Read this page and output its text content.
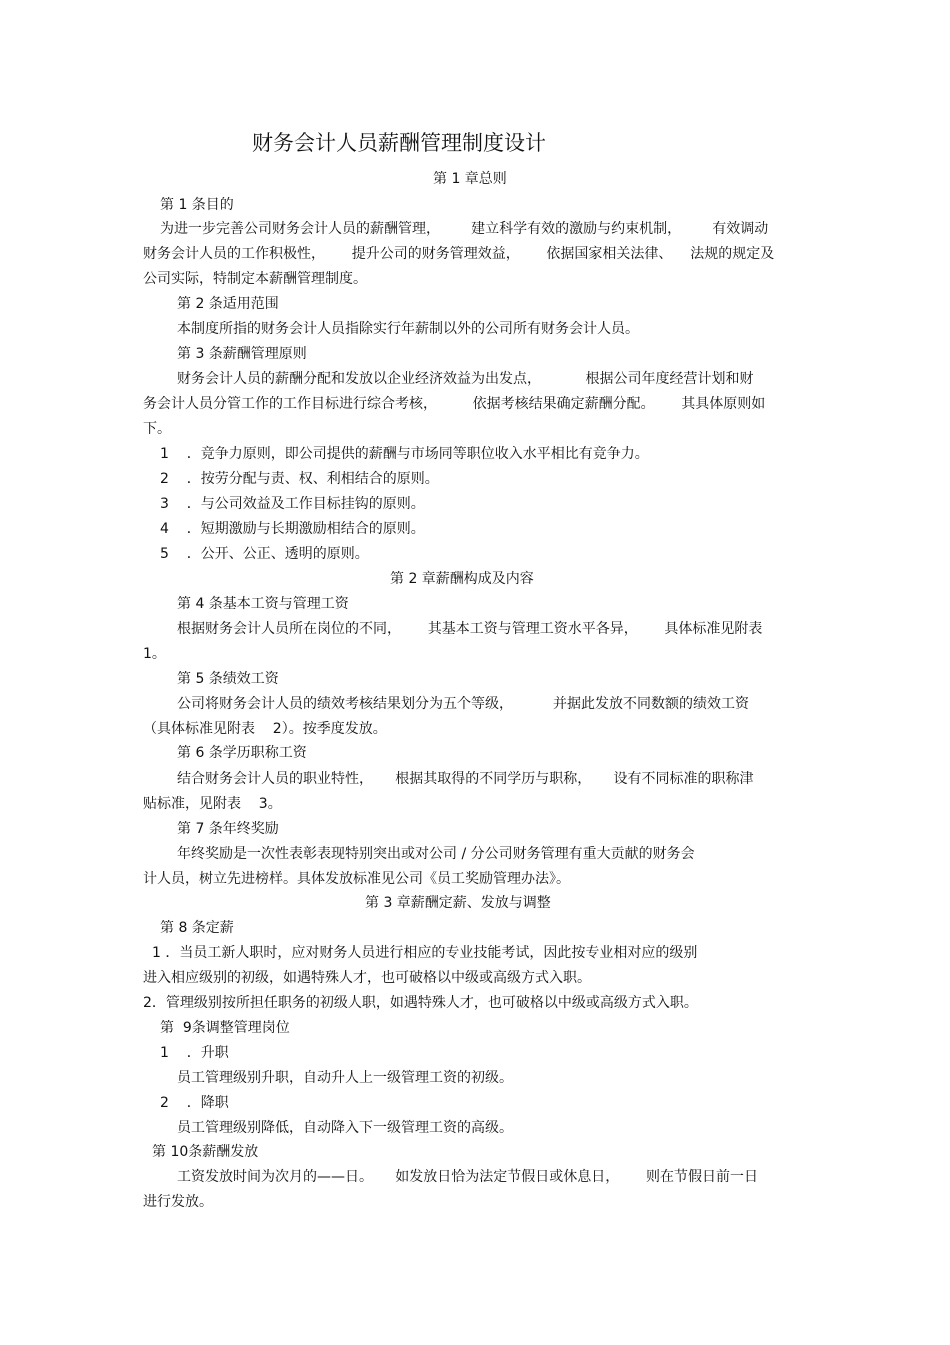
财务会计人员薪酬管理制度设计
第 1 章总则
第 1 条目的
为进一步完善公司财务会计人员的薪酬管理，       建立科学有效的激励与约束机制，       有效调动
财务会计人员的工作积极性，      提升公司的财务管理效益，      依据国家相关法律、    法规的规定及
公司实际，特制定本薪酬管理制度。
第 2 条适用范围
本制度所指的财务会计人员指除实行年薪制以外的公司所有财务会计人员。
第 3 条薪酬管理原则
财务会计人员的薪酬分配和发放以企业经济效益为出发点，          根据公司年度经营计划和财
务会计人员分管工作的工作目标进行综合考核，        依据考核结果确定薪酬分配。      其具体原则如
下。
1    ．竞争力原则，即公司提供的薪酬与市场同等职位收入水平相比有竞争力。
2    ．按劳分配与责、权、利相结合的原则。
3    ．与公司效益及工作目标挂钩的原则。
4    ．短期激励与长期激励相结合的原则。
5    ．公开、公正、透明的原则。
第 2 章薪酬构成及内容
第 4 条基本工资与管理工资
根据财务会计人员所在岗位的不同，      其基本工资与管理工资水平各异，      具体标准见附表
1。
第 5 条绩效工资
公司将财务会计人员的绩效考核结果划分为五个等级，         并据此发放不同数额的绩效工资
（具体标准见附表    2）。按季度发放。
第 6 条学历职称工资
结合财务会计人员的职业特性，     根据其取得的不同学历与职称，     设有不同标准的职称津
贴标准，见附表    3。
第 7 条年终奖励
年终奖励是一次性表彰表现特别突出或对公司 / 分公司财务管理有重大贡献的财务会
计人员，树立先进榜样。具体发放标准见公司《员工奖励管理办法》。
第 3 章薪酬定薪、发放与调整
第 8 条定薪
1 ．当员工新人职时，应对财务人员进行相应的专业技能考试，因此按专业相对应的级别
进入相应级别的初级，如遇特殊人才，也可破格以中级或高级方式入职。
2．管理级别按所担任职务的初级人职，如遇特殊人才，也可破格以中级或高级方式入职。
第  9条调整管理岗位
1    ．升职
员工管理级别升职，自动升人上一级管理工资的初级。
2    ．降职
员工管理级别降低，自动降入下一级管理工资的高级。
第 10条薪酬发放
工资发放时间为次月的——日。     如发放日恰为法定节假日或休息日，      则在节假日前一日
进行发放。
